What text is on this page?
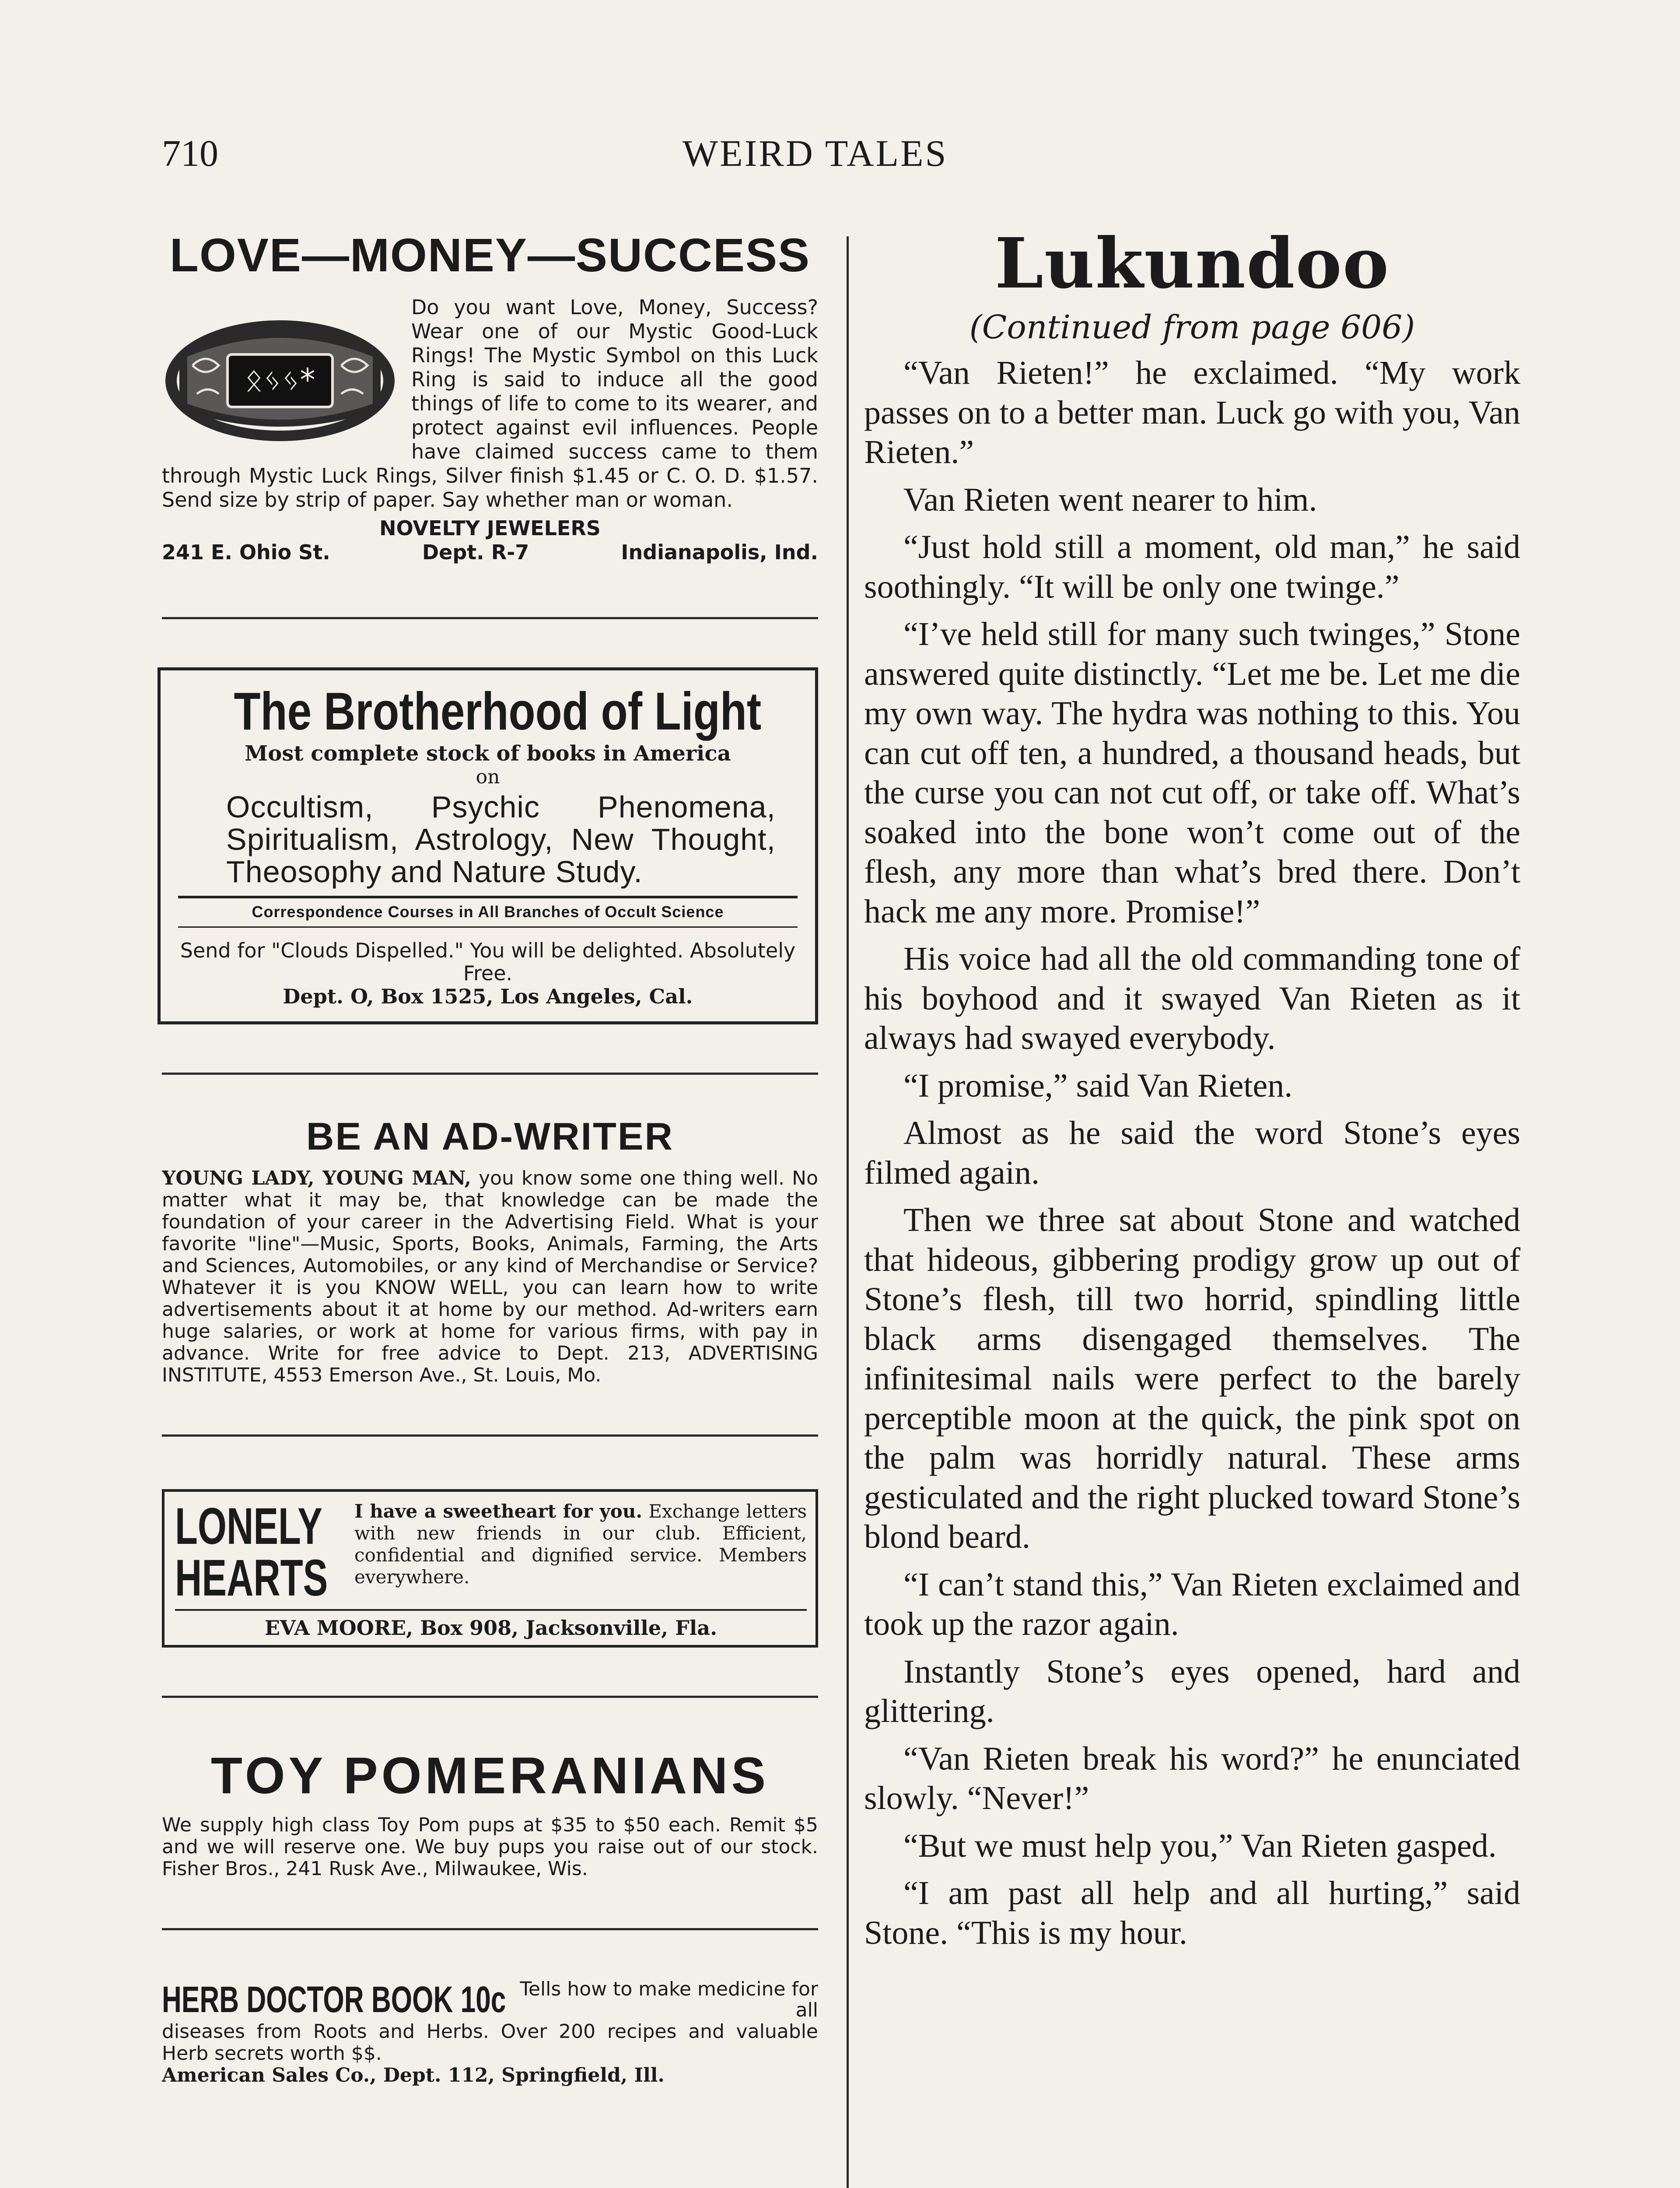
710	WEIRD TALES
LOVE—MONEY—SUCCESS
ᛟᛃᛃ*

Do you want Love, Money, Success? Wear one of our Mystic Good-Luck Rings! The Mystic Symbol on this Luck Ring is said to induce all the good things of life to come to its wearer, and protect against evil influences. People have claimed success came to them through Mystic Luck Rings, Silver finish $1.45 or C. O. D. $1.57. Send size by strip of paper. Say whether man or woman.

NOVELTY JEWELERS
241 E. Ohio St.	Dept. R-7	Indianapolis, Ind.
The Brotherhood of Light
Most complete stock of books in America
on
Occultism, Psychic Phenomena, Spiritualism, Astrology, New Thought, Theosophy and Nature Study.
Correspondence Courses in All Branches of Occult Science
Send for "Clouds Dispelled." You will be delighted. Absolutely Free.
Dept. O, Box 1525, Los Angeles, Cal.
BE AN AD-WRITER

YOUNG LADY, YOUNG MAN, you know some one thing well. No matter what it may be, that knowledge can be made the foundation of your career in the Advertising Field. What is your favorite "line"—Music, Sports, Books, Animals, Farming, the Arts and Sciences, Automobiles, or any kind of Merchandise or Service? Whatever it is you KNOW WELL, you can learn how to write advertisements about it at home by our method. Ad-writers earn huge salaries, or work at home for various firms, with pay in advance. Write for free advice to Dept. 213, ADVERTISING INSTITUTE, 4553 Emerson Ave., St. Louis, Mo.

LONELY
HEARTS
I have a sweetheart for you. Exchange letters with new friends in our club. Efficient, confidential and dignified service. Members everywhere.
EVA MOORE, Box 908, Jacksonville, Fla.
TOY POMERANIANS

We supply high class Toy Pom pups at $35 to $50 each. Remit $5 and we will reserve one. We buy pups you raise out of our stock. Fisher Bros., 241 Rusk Ave., Milwaukee, Wis.

HERB DOCTOR BOOK 10c Tells how to make medicine for all

diseases from Roots and Herbs. Over 200 recipes and valuable Herb secrets worth $$.
American Sales Co., Dept. 112, Springfield, Ill.

Lukundoo
(Continued from page 606)

“Van Rieten!” he exclaimed. “My work passes on to a better man. Luck go with you, Van Rieten.”

Van Rieten went nearer to him.

“Just hold still a moment, old man,” he said soothingly. “It will be only one twinge.”

“I’ve held still for many such twinges,” Stone answered quite distinctly. “Let me be. Let me die my own way. The hydra was nothing to this. You can cut off ten, a hundred, a thousand heads, but the curse you can not cut off, or take off. What’s soaked into the bone won’t come out of the flesh, any more than what’s bred there. Don’t hack me any more. Promise!”

His voice had all the old commanding tone of his boyhood and it swayed Van Rieten as it always had swayed everybody.

“I promise,” said Van Rieten.

Almost as he said the word Stone’s eyes filmed again.

Then we three sat about Stone and watched that hideous, gibbering prodigy grow up out of Stone’s flesh, till two horrid, spindling little black arms disengaged themselves. The infinitesimal nails were perfect to the barely perceptible moon at the quick, the pink spot on the palm was horridly natural. These arms gesticulated and the right plucked toward Stone’s blond beard.

“I can’t stand this,” Van Rieten exclaimed and took up the razor again.

Instantly Stone’s eyes opened, hard and glittering.

“Van Rieten break his word?” he enunciated slowly. “Never!”

“But we must help you,” Van Rieten gasped.

“I am past all help and all hurting,” said Stone. “This is my hour.
